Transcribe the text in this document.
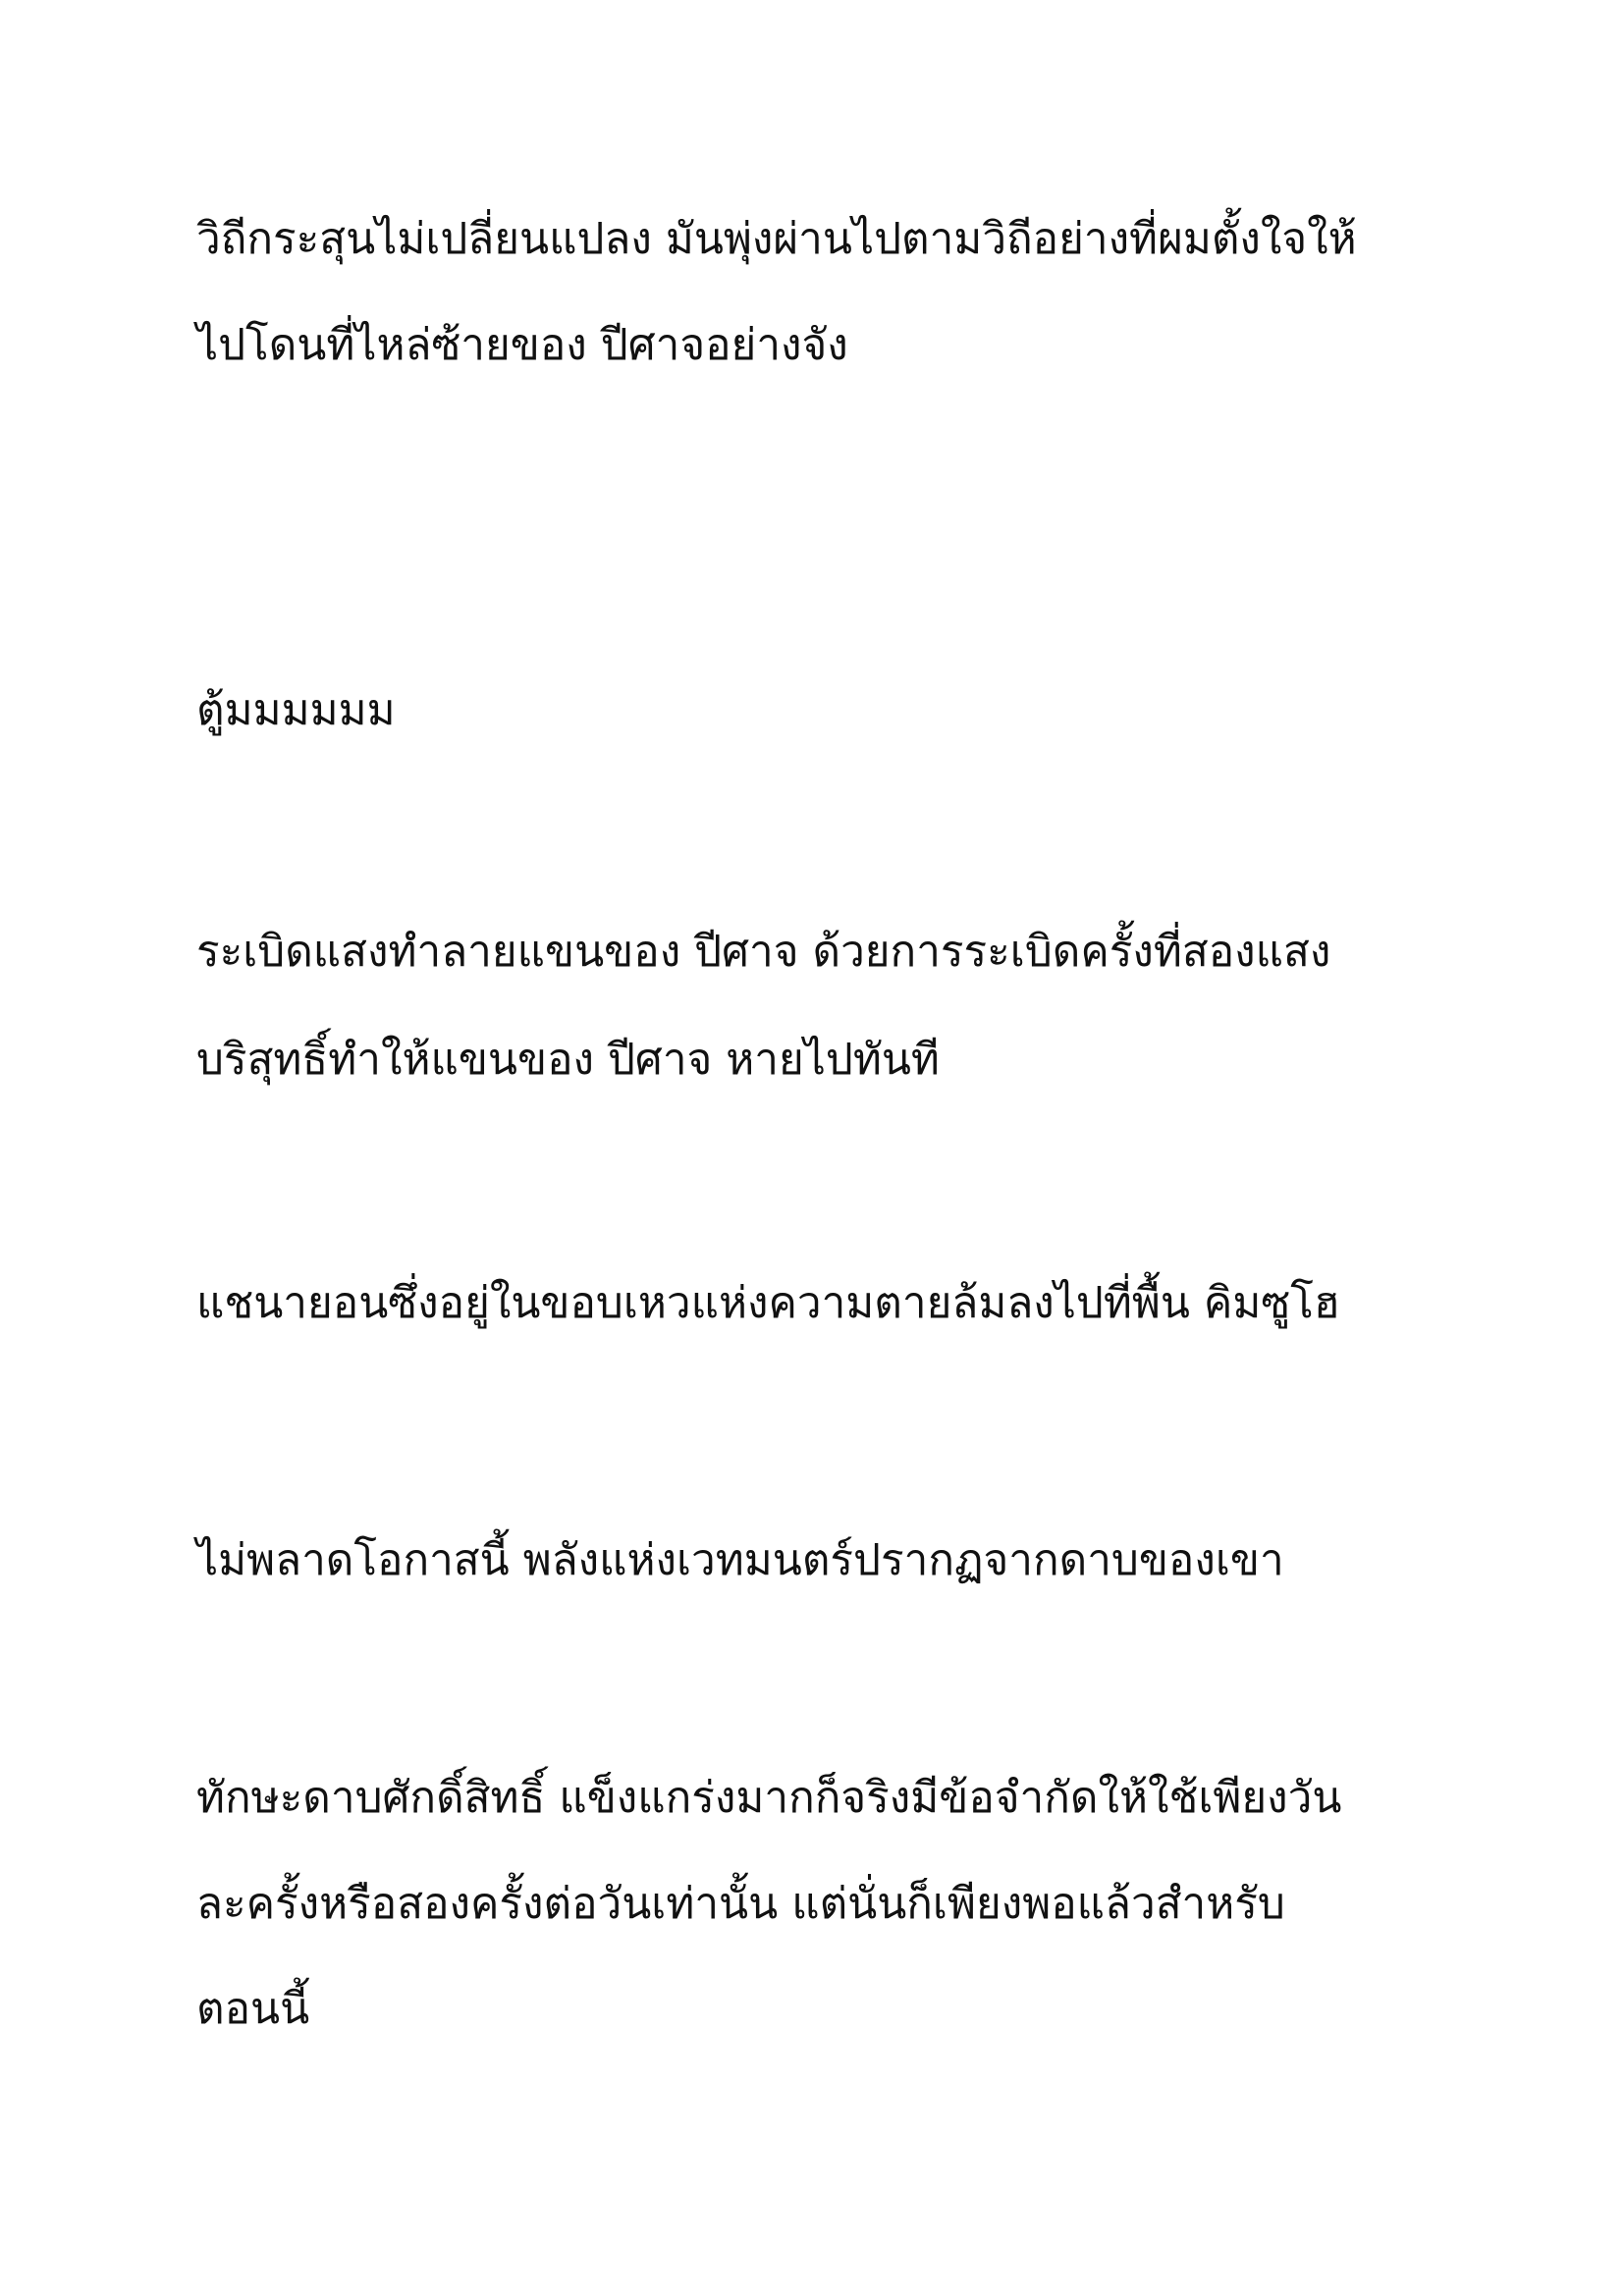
วิถีกระสุนไม่เปลี่ยนแปลง มันพุ่งผ่านไปตามวิถีอย่างที่ผมตั้งใจให้

ไปโดนที่ไหล่ซ้ายของ ปีศาจอย่างจัง

ตู้มมมมมม

ระเบิดแสงทำลายแขนของ ปีศาจ ด้วยการระเบิดครั้งที่สองแสง

บริสุทธิ์ทำให้แขนของ ปีศาจ หายไปทันที

แชนายอนซึ่งอยู่ในขอบเหวแห่งความตายล้มลงไปที่พื้น คิมซูโฮ

ไม่พลาดโอกาสนี้ พลังแห่งเวทมนตร์ปรากฏจากดาบของเขา

ทักษะดาบศักดิ์สิทธิ์ แข็งแกร่งมากก็จริงมีข้อจำกัดให้ใช้เพียงวัน

ละครั้งหรือสองครั้งต่อวันเท่านั้น แต่นั่นก็เพียงพอแล้วสำหรับ

ตอนนี้
